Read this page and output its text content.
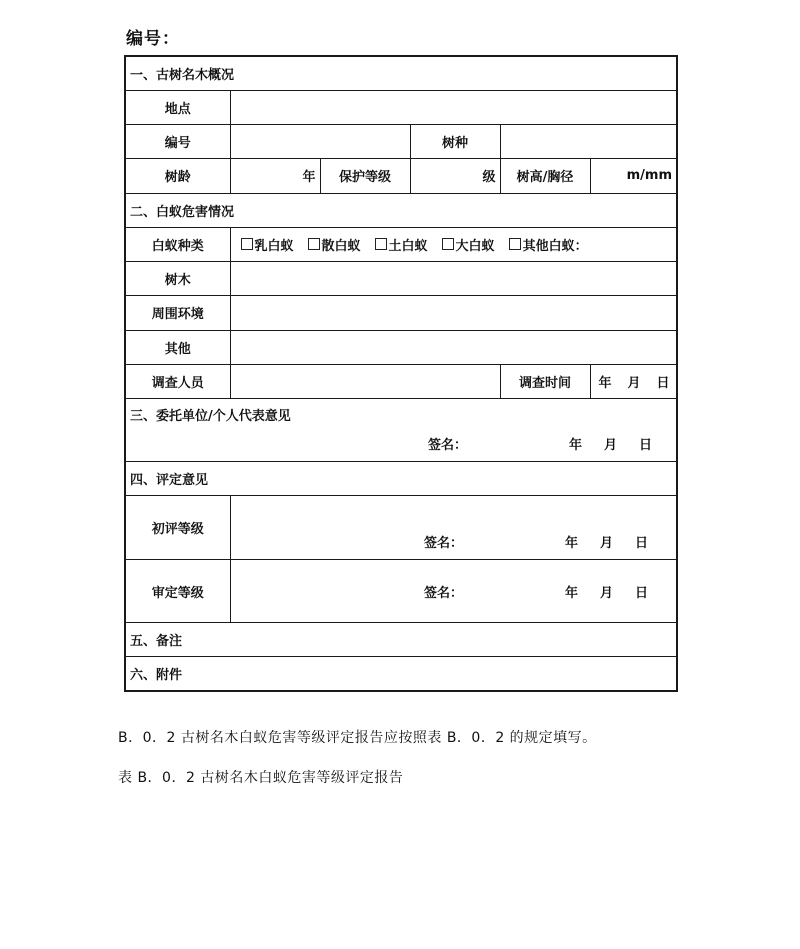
编号：
一、古树名木概况					
地点					
编号			树种		
树龄	年	保护等级	级	树高/胸径	m/mm
二、白蚁危害情况					
白蚁种类	乳白蚁 散白蚁 土白蚁 大白蚁 其他白蚁：				

树木					
周围环境					
其他					
调查人员				调查时间	年 月 日

三、委托单位/个人代表意见
签名： 年 月 日					

四、评定意见					
初评等级	签名： 年 月 日				

审定等级	签名： 年 月 日				

五、备注					
六、附件					
B．0．2 古树名木白蚁危害等级评定报告应按照表 B．0．2 的规定填写。
表 B．0．2 古树名木白蚁危害等级评定报告
